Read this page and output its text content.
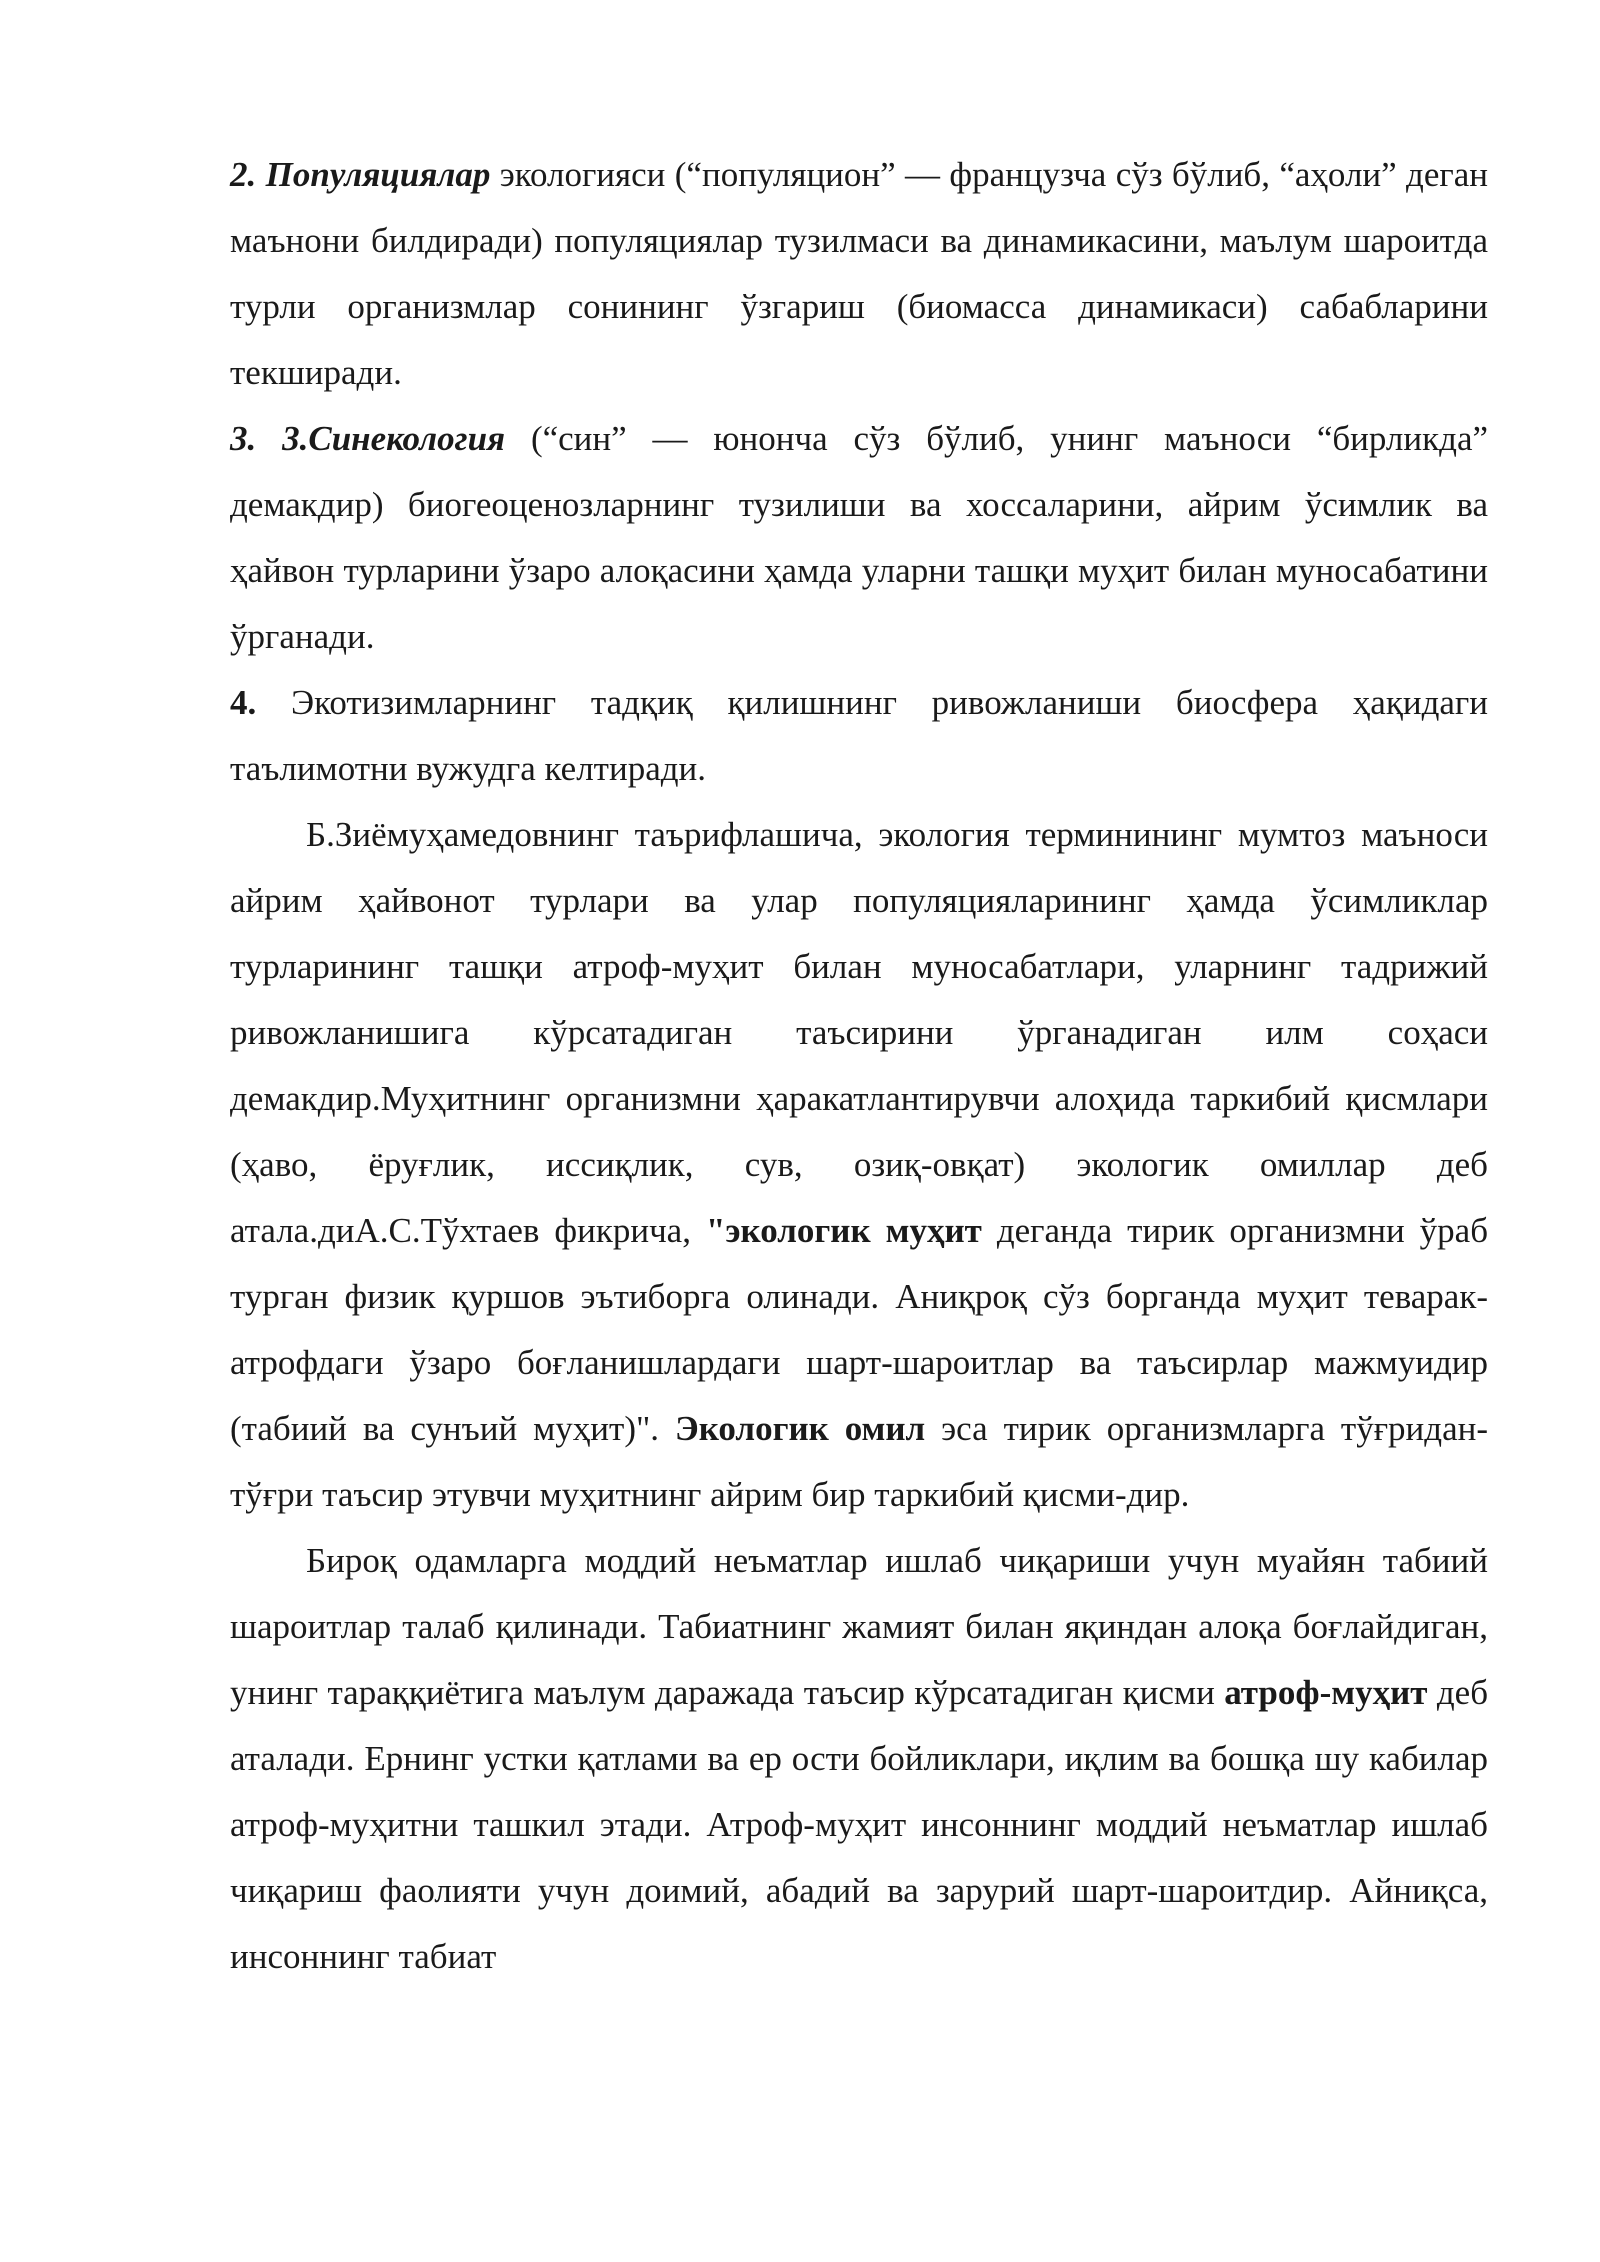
2. Популяциялар экологияси (“популяцион” — французча сўз бўлиб, “аҳоли” деган маънони билдиради) популяциялар тузилмаси ва динамикасини, маълум шароитда турли организмлар сонининг ўзгариш (биомасса динамикаси) сабабларини текширади.

3. 3.Синекология (“син” — юнонча сўз бўлиб, унинг маъноси “бирликда” демакдир) биогеоценозларнинг тузилиши ва хоссаларини, айрим ўсимлик ва ҳайвон турларини ўзаро алоқасини ҳамда уларни ташқи муҳит билан муносабатини ўрганади.

4. Экотизимларнинг тадқиқ қилишнинг ривожланиши биосфера ҳақидаги таълимотни вужудга келтиради.

Б.Зиёмуҳамедовнинг таърифлашича, экология терминининг мумтоз маъноси айрим ҳайвонот турлари ва улар популяцияларининг ҳамда ўсимликлар турларининг ташқи атроф-муҳит билан муносабатлари, уларнинг тадрижий ривожланишига кўрсатадиган таъсирини ўрганадиган илм соҳаси демакдир.Муҳитнинг организмни ҳаракатлантирувчи алоҳида таркибий қисмлари (ҳаво, ёруғлик, иссиқлик, сув, озиқ-овқат) экологик омиллар деб атала.диА.С.Тўхтаев фикрича, "экологик муҳит деганда тирик организмни ўраб турган физик қуршов эътиборга олинади. Аниқроқ сўз борганда муҳит теварак-атрофдаги ўзаро боғланишлардаги шарт-шароитлар ва таъсирлар мажмуидир (табиий ва сунъий муҳит)". Экологик омил эса тирик организмларга тўғридан-тўғри таъсир этувчи муҳитнинг айрим бир таркибий қисми-дир.

Бироқ одамларга моддий неъматлар ишлаб чиқариши учун муайян табиий шароитлар талаб қилинади. Табиатнинг жамият билан яқиндан алоқа боғлайдиган, унинг тараққиётига маълум даражада таъсир кўрсатадиган қисми атроф-муҳит деб аталади. Ернинг устки қатлами ва ер ости бойликлари, иқлим ва бошқа шу кабилар атроф-муҳитни ташкил этади. Атроф-муҳит инсоннинг моддий неъматлар ишлаб чиқариш фаолияти учун доимий, абадий ва зарурий шарт-шароитдир. Айниқса, инсоннинг табиат
